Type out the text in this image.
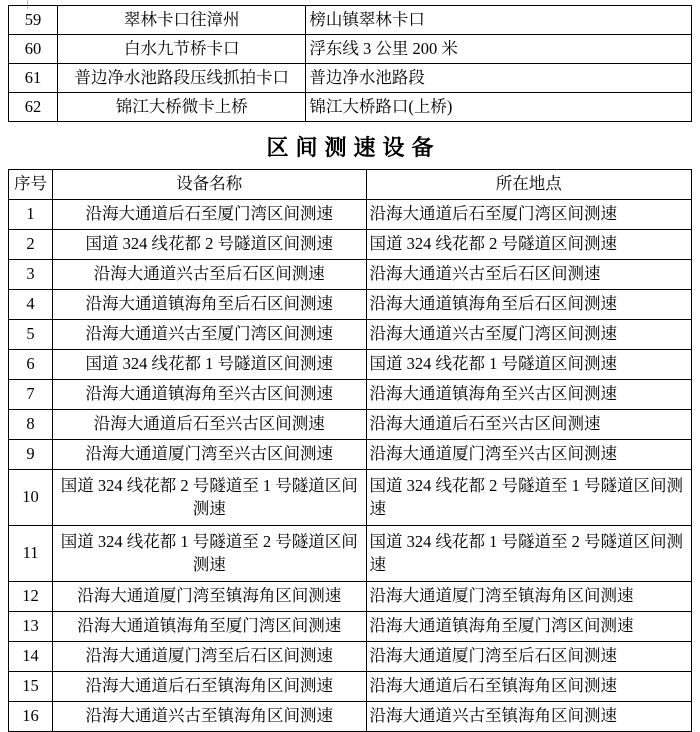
59	翠林卡口往漳州	榜山镇翠林卡口
60	白水九节桥卡口	浮东线 3 公里 200 米
61	普边净水池路段压线抓拍卡口	普边净水池路段
62	锦江大桥微卡上桥	锦江大桥路口(上桥)
区间测速设备
序号	设备名称	所在地点
1	沿海大通道后石至厦门湾区间测速	沿海大通道后石至厦门湾区间测速
2	国道 324 线花都 2 号隧道区间测速	国道 324 线花都 2 号隧道区间测速
3	沿海大通道兴古至后石区间测速	沿海大通道兴古至后石区间测速
4	沿海大通道镇海角至后石区间测速	沿海大通道镇海角至后石区间测速
5	沿海大通道兴古至厦门湾区间测速	沿海大通道兴古至厦门湾区间测速
6	国道 324 线花都 1 号隧道区间测速	国道 324 线花都 1 号隧道区间测速
7	沿海大通道镇海角至兴古区间测速	沿海大通道镇海角至兴古区间测速
8	沿海大通道后石至兴古区间测速	沿海大通道后石至兴古区间测速
9	沿海大通道厦门湾至兴古区间测速	沿海大通道厦门湾至兴古区间测速
10	国道 324 线花都 2 号隧道至 1 号隧道区间测速	国道 324 线花都 2 号隧道至 1 号隧道区间测速
11	国道 324 线花都 1 号隧道至 2 号隧道区间测速	国道 324 线花都 1 号隧道至 2 号隧道区间测速
12	沿海大通道厦门湾至镇海角区间测速	沿海大通道厦门湾至镇海角区间测速
13	沿海大通道镇海角至厦门湾区间测速	沿海大通道镇海角至厦门湾区间测速
14	沿海大通道厦门湾至后石区间测速	沿海大通道厦门湾至后石区间测速
15	沿海大通道后石至镇海角区间测速	沿海大通道后石至镇海角区间测速
16	沿海大通道兴古至镇海角区间测速	沿海大通道兴古至镇海角区间测速
